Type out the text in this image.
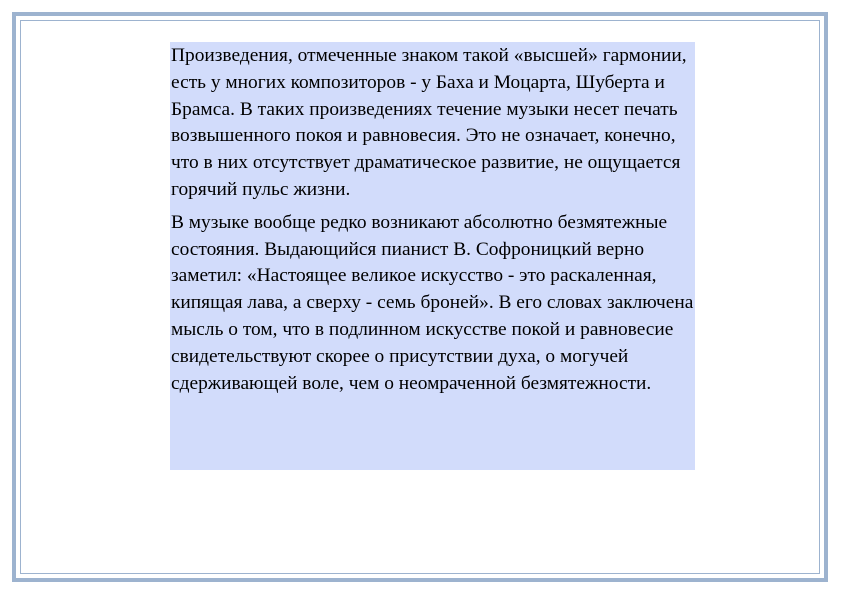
Произведения, отмеченные знаком такой «высшей» гармонии, есть у многих композиторов - у Баха и Моцарта, Шуберта и Брамса. В таких произведениях течение музыки несет печать возвышенного покоя и равновесия. Это не означает, конечно, что в них отсутствует драматическое развитие, не ощущается горячий пульс жизни.

В музыке вообще редко возникают абсолютно безмятежные состояния. Выдающийся пианист В. Софроницкий верно заметил: «Настоящее великое искусство - это раскаленная, кипящая лава, а сверху - семь броней». В его словах заключена мысль о том, что в подлинном искусстве покой и равновесие свидетельствуют скорее о присутствии духа, о могучей сдерживающей воле, чем о неомраченной безмятежности.
